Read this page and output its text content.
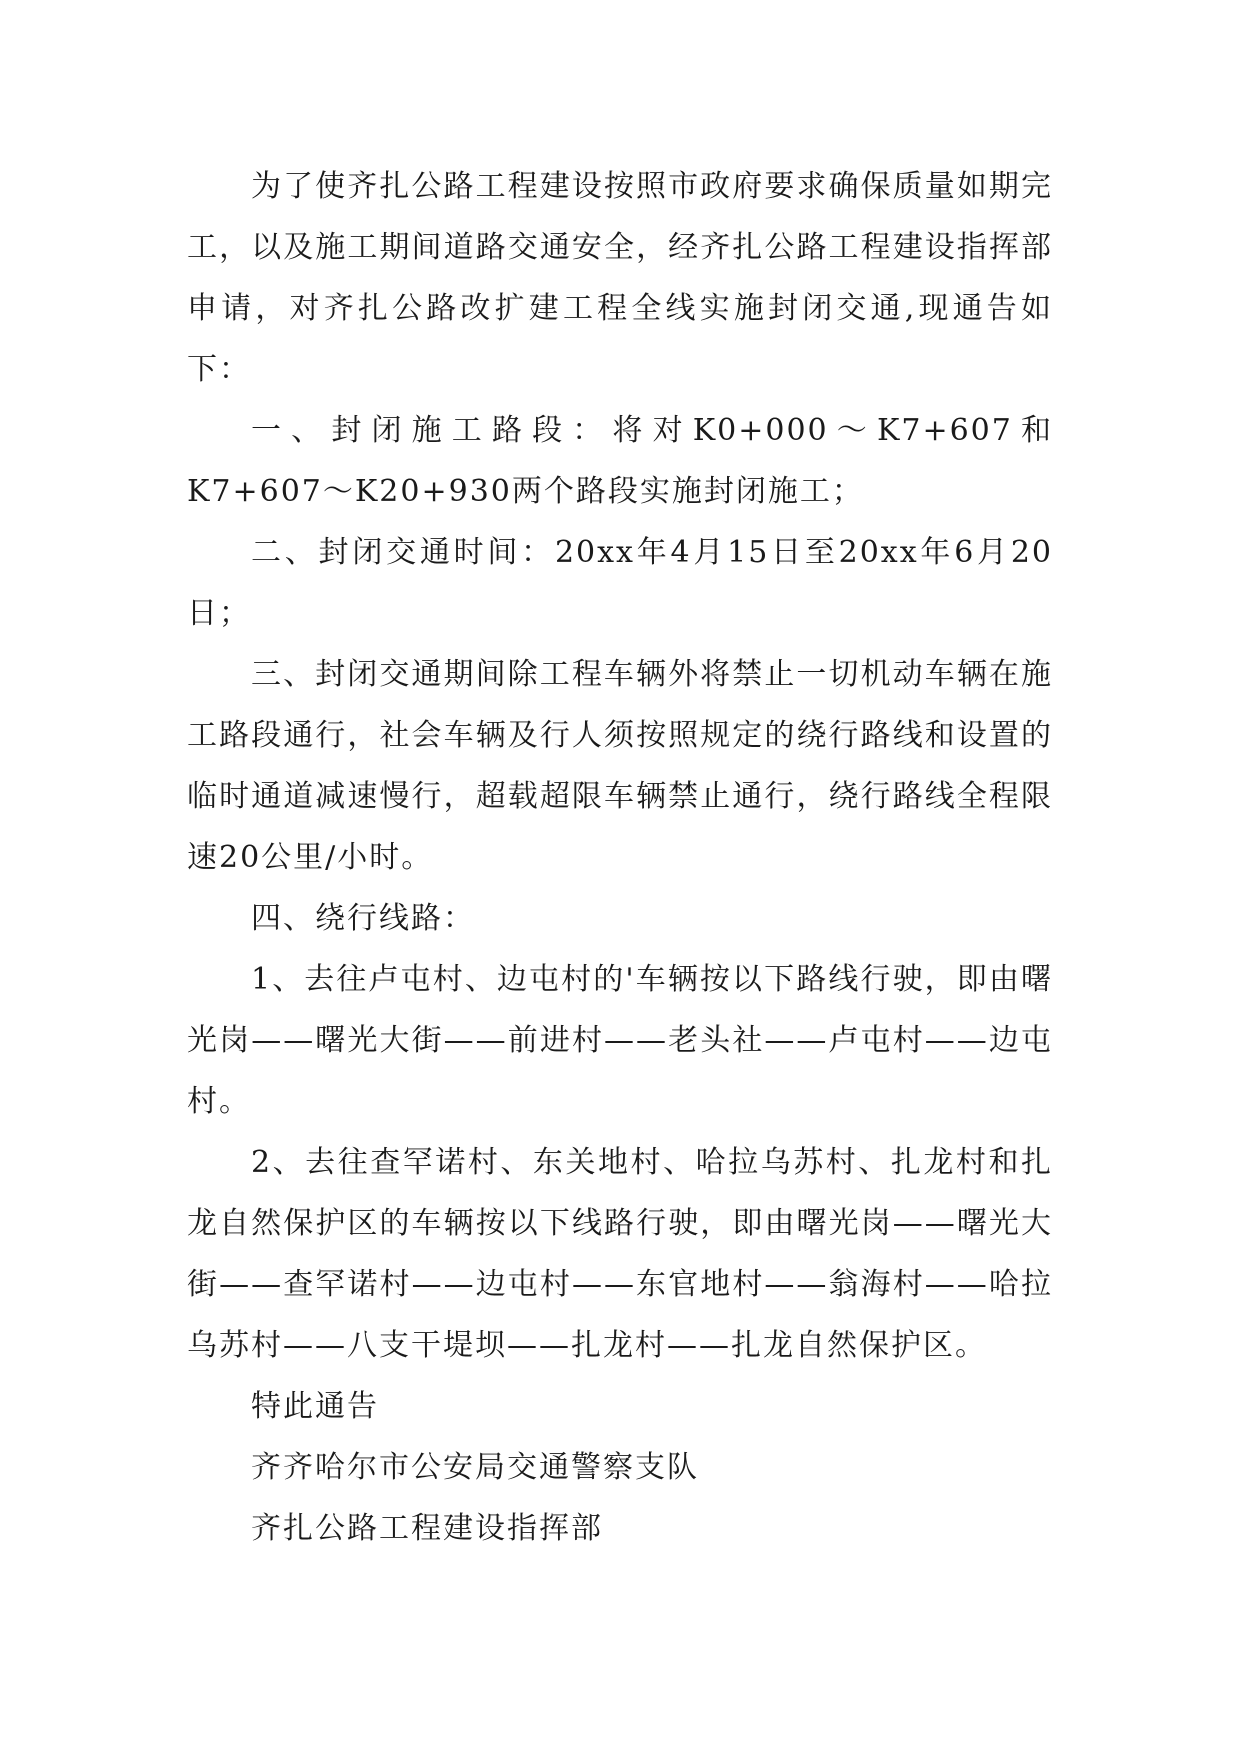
为了使齐扎公路工程建设按照市政府要求确保质量如期完工，以及施工期间道路交通安全，经齐扎公路工程建设指挥部申请，对齐扎公路改扩建工程全线实施封闭交通,现通告如下：

一、封闭施工路段：将对K0+000～K7+607和K7+607～K20+930两个路段实施封闭施工；

二、封闭交通时间：20xx年4月15日至20xx年6月20日；

三、封闭交通期间除工程车辆外将禁止一切机动车辆在施工路段通行，社会车辆及行人须按照规定的绕行路线和设置的临时通道减速慢行，超载超限车辆禁止通行，绕行路线全程限速20公里/小时。

四、绕行线路：

1、去往卢屯村、边屯村的'车辆按以下路线行驶，即由曙光岗——曙光大街——前进村——老头社——卢屯村——边屯村。

2、去往查罕诺村、东关地村、哈拉乌苏村、扎龙村和扎龙自然保护区的车辆按以下线路行驶，即由曙光岗——曙光大街——查罕诺村——边屯村——东官地村——翁海村——哈拉乌苏村——八支干堤坝——扎龙村——扎龙自然保护区。

特此通告

齐齐哈尔市公安局交通警察支队

齐扎公路工程建设指挥部
